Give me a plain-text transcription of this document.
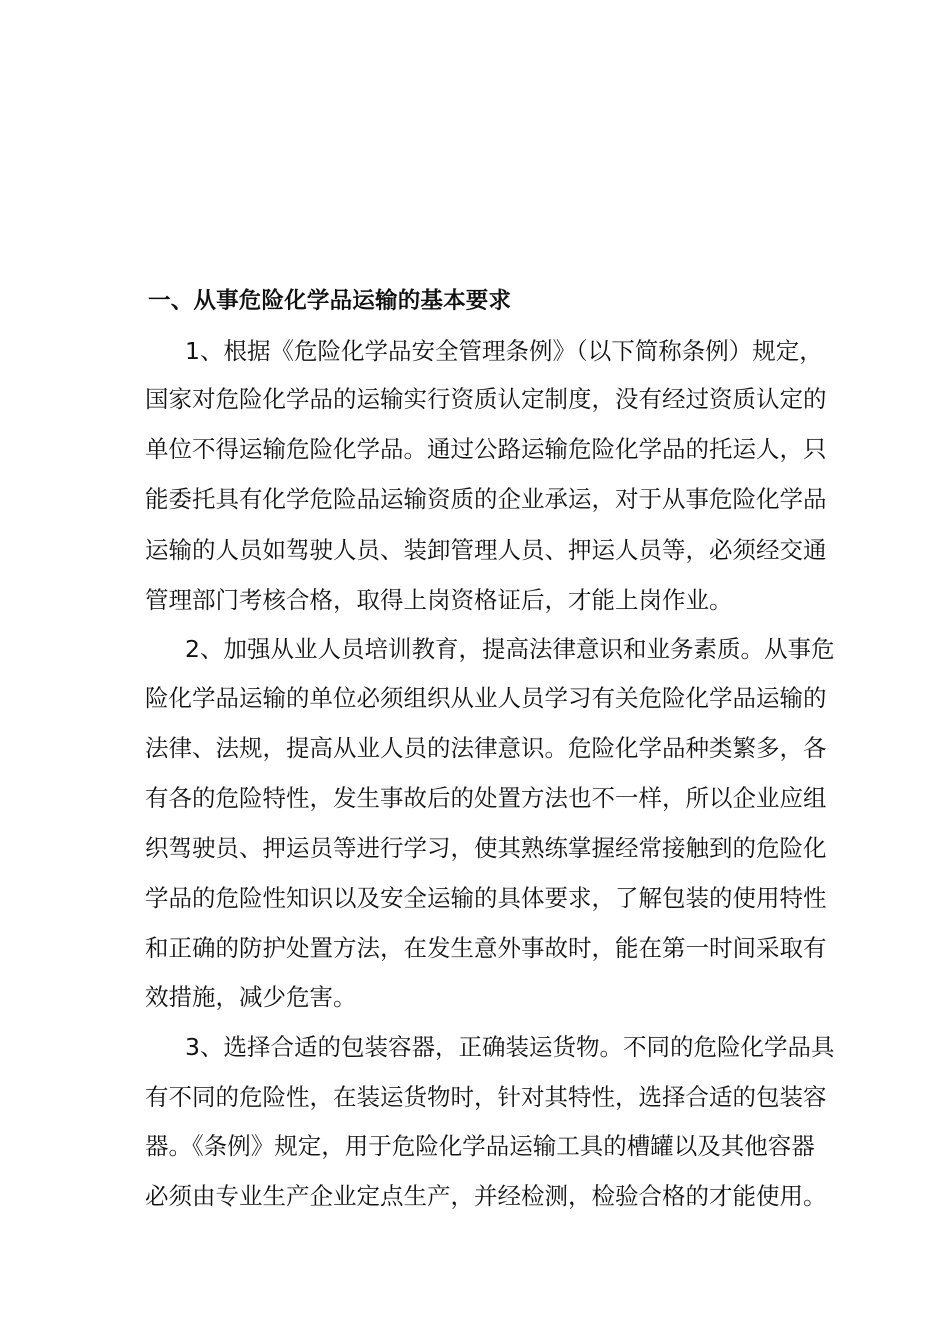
一、从事危险化学品运输的基本要求
1、根据《危险化学品安全管理条例》（以下简称条例）规定，
国家对危险化学品的运输实行资质认定制度，没有经过资质认定的
单位不得运输危险化学品。通过公路运输危险化学品的托运人，只
能委托具有化学危险品运输资质的企业承运，对于从事危险化学品
运输的人员如驾驶人员、装卸管理人员、押运人员等，必须经交通
管理部门考核合格，取得上岗资格证后，才能上岗作业。
2、加强从业人员培训教育，提高法律意识和业务素质。从事危
险化学品运输的单位必须组织从业人员学习有关危险化学品运输的
法律、法规，提高从业人员的法律意识。危险化学品种类繁多，各
有各的危险特性，发生事故后的处置方法也不一样，所以企业应组
织驾驶员、押运员等进行学习，使其熟练掌握经常接触到的危险化
学品的危险性知识以及安全运输的具体要求，了解包装的使用特性
和正确的防护处置方法，在发生意外事故时，能在第一时间采取有
效措施，减少危害。
3、选择合适的包装容器，正确装运货物。不同的危险化学品具
有不同的危险性，在装运货物时，针对其特性，选择合适的包装容
器。《条例》规定，用于危险化学品运输工具的槽罐以及其他容器
必须由专业生产企业定点生产，并经检测，检验合格的才能使用。
